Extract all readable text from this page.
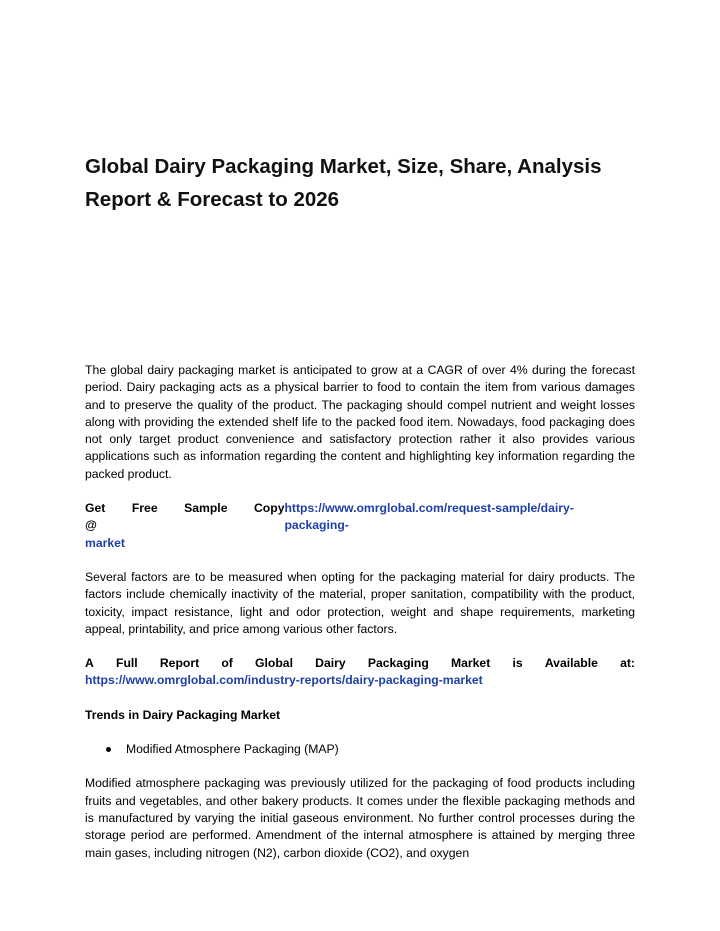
Global Dairy Packaging Market, Size, Share, Analysis
Report & Forecast to 2026

The global dairy packaging market is anticipated to grow at a CAGR of over 4% during the forecast period. Dairy packaging acts as a physical barrier to food to contain the item from various damages and to preserve the quality of the product. The packaging should compel nutrient and weight losses along with providing the extended shelf life to the packed food item. Nowadays, food packaging does not only target product convenience and satisfactory protection rather it also provides various applications such as information regarding the content and highlighting key information regarding the packed product.

Get Free Sample Copy @
https://www.omrglobal.com/request-sample/dairy-packaging-
market

Several factors are to be measured when opting for the packaging material for dairy products. The factors include chemically inactivity of the material, proper sanitation, compatibility with the product, toxicity, impact resistance, light and odor protection, weight and shape requirements, marketing appeal, printability, and price among various other factors.

A Full Report of Global Dairy Packaging Market is Available at:
https://www.omrglobal.com/industry-reports/dairy-packaging-market

Trends in Dairy Packaging Market

Modified Atmosphere Packaging (MAP)

Modified atmosphere packaging was previously utilized for the packaging of food products including fruits and vegetables, and other bakery products. It comes under the flexible packaging methods and is manufactured by varying the initial gaseous environment. No further control processes during the storage period are performed. Amendment of the internal atmosphere is attained by merging three main gases, including nitrogen (N2), carbon dioxide (CO2), and oxygen
